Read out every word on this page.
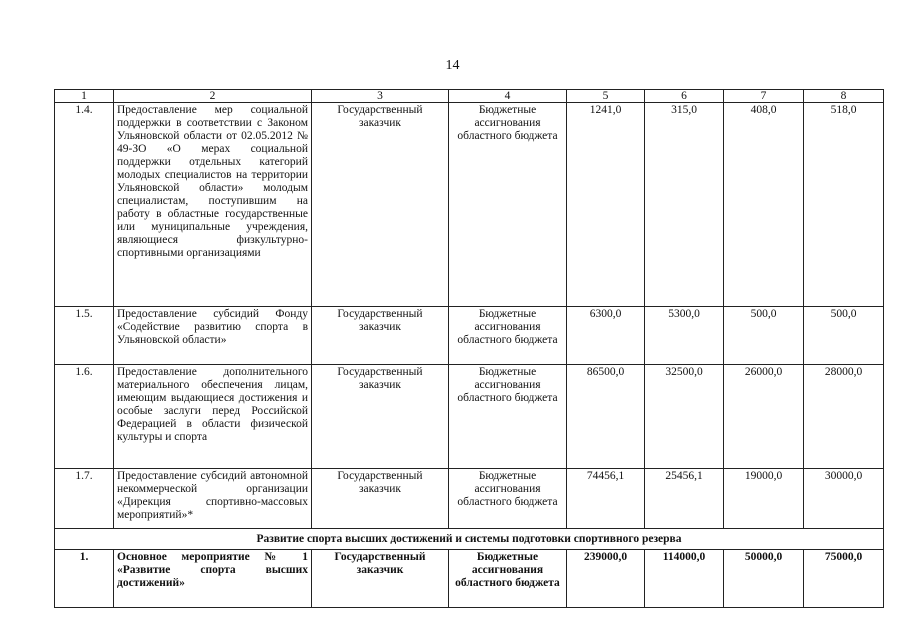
14
1	2	3	4	5	6	7	8
1.4.	Предоставление мер социальной поддержки в соответствии с Законом Ульяновской области от 02.05.2012 № 49-ЗО «О мерах социальной поддержки отдельных категорий молодых специалистов на территории Ульяновской области» молодым специалистам, поступившим на работу в областные государственные или муниципальные учреждения, являющиеся физкультурно-спортивными организациями	Государственный заказчик	Бюджетные ассигнования областного бюджета	1241,0	315,0	408,0	518,0
1.5.	Предоставление субсидий Фонду «Содействие развитию спорта в Ульяновской области»	Государственный заказчик	Бюджетные ассигнования областного бюджета	6300,0	5300,0	500,0	500,0
1.6.	Предоставление дополнительного материального обеспечения лицам, имеющим выдающиеся достижения и особые заслуги перед Российской Федерацией в области физической культуры и спорта	Государственный заказчик	Бюджетные ассигнования областного бюджета	86500,0	32500,0	26000,0	28000,0
1.7.	Предоставление субсидий автономной некоммерческой организации «Дирекция спортивно-массовых мероприятий»*	Государственный заказчик	Бюджетные ассигнования областного бюджета	74456,1	25456,1	19000,0	30000,0
Развитие спорта высших достижений и системы подготовки спортивного резерва							
1.	Основное мероприятие № 1 «Развитие спорта высших достижений»	Государственный заказчик	Бюджетные ассигнования областного бюджета	239000,0	114000,0	50000,0	75000,0
